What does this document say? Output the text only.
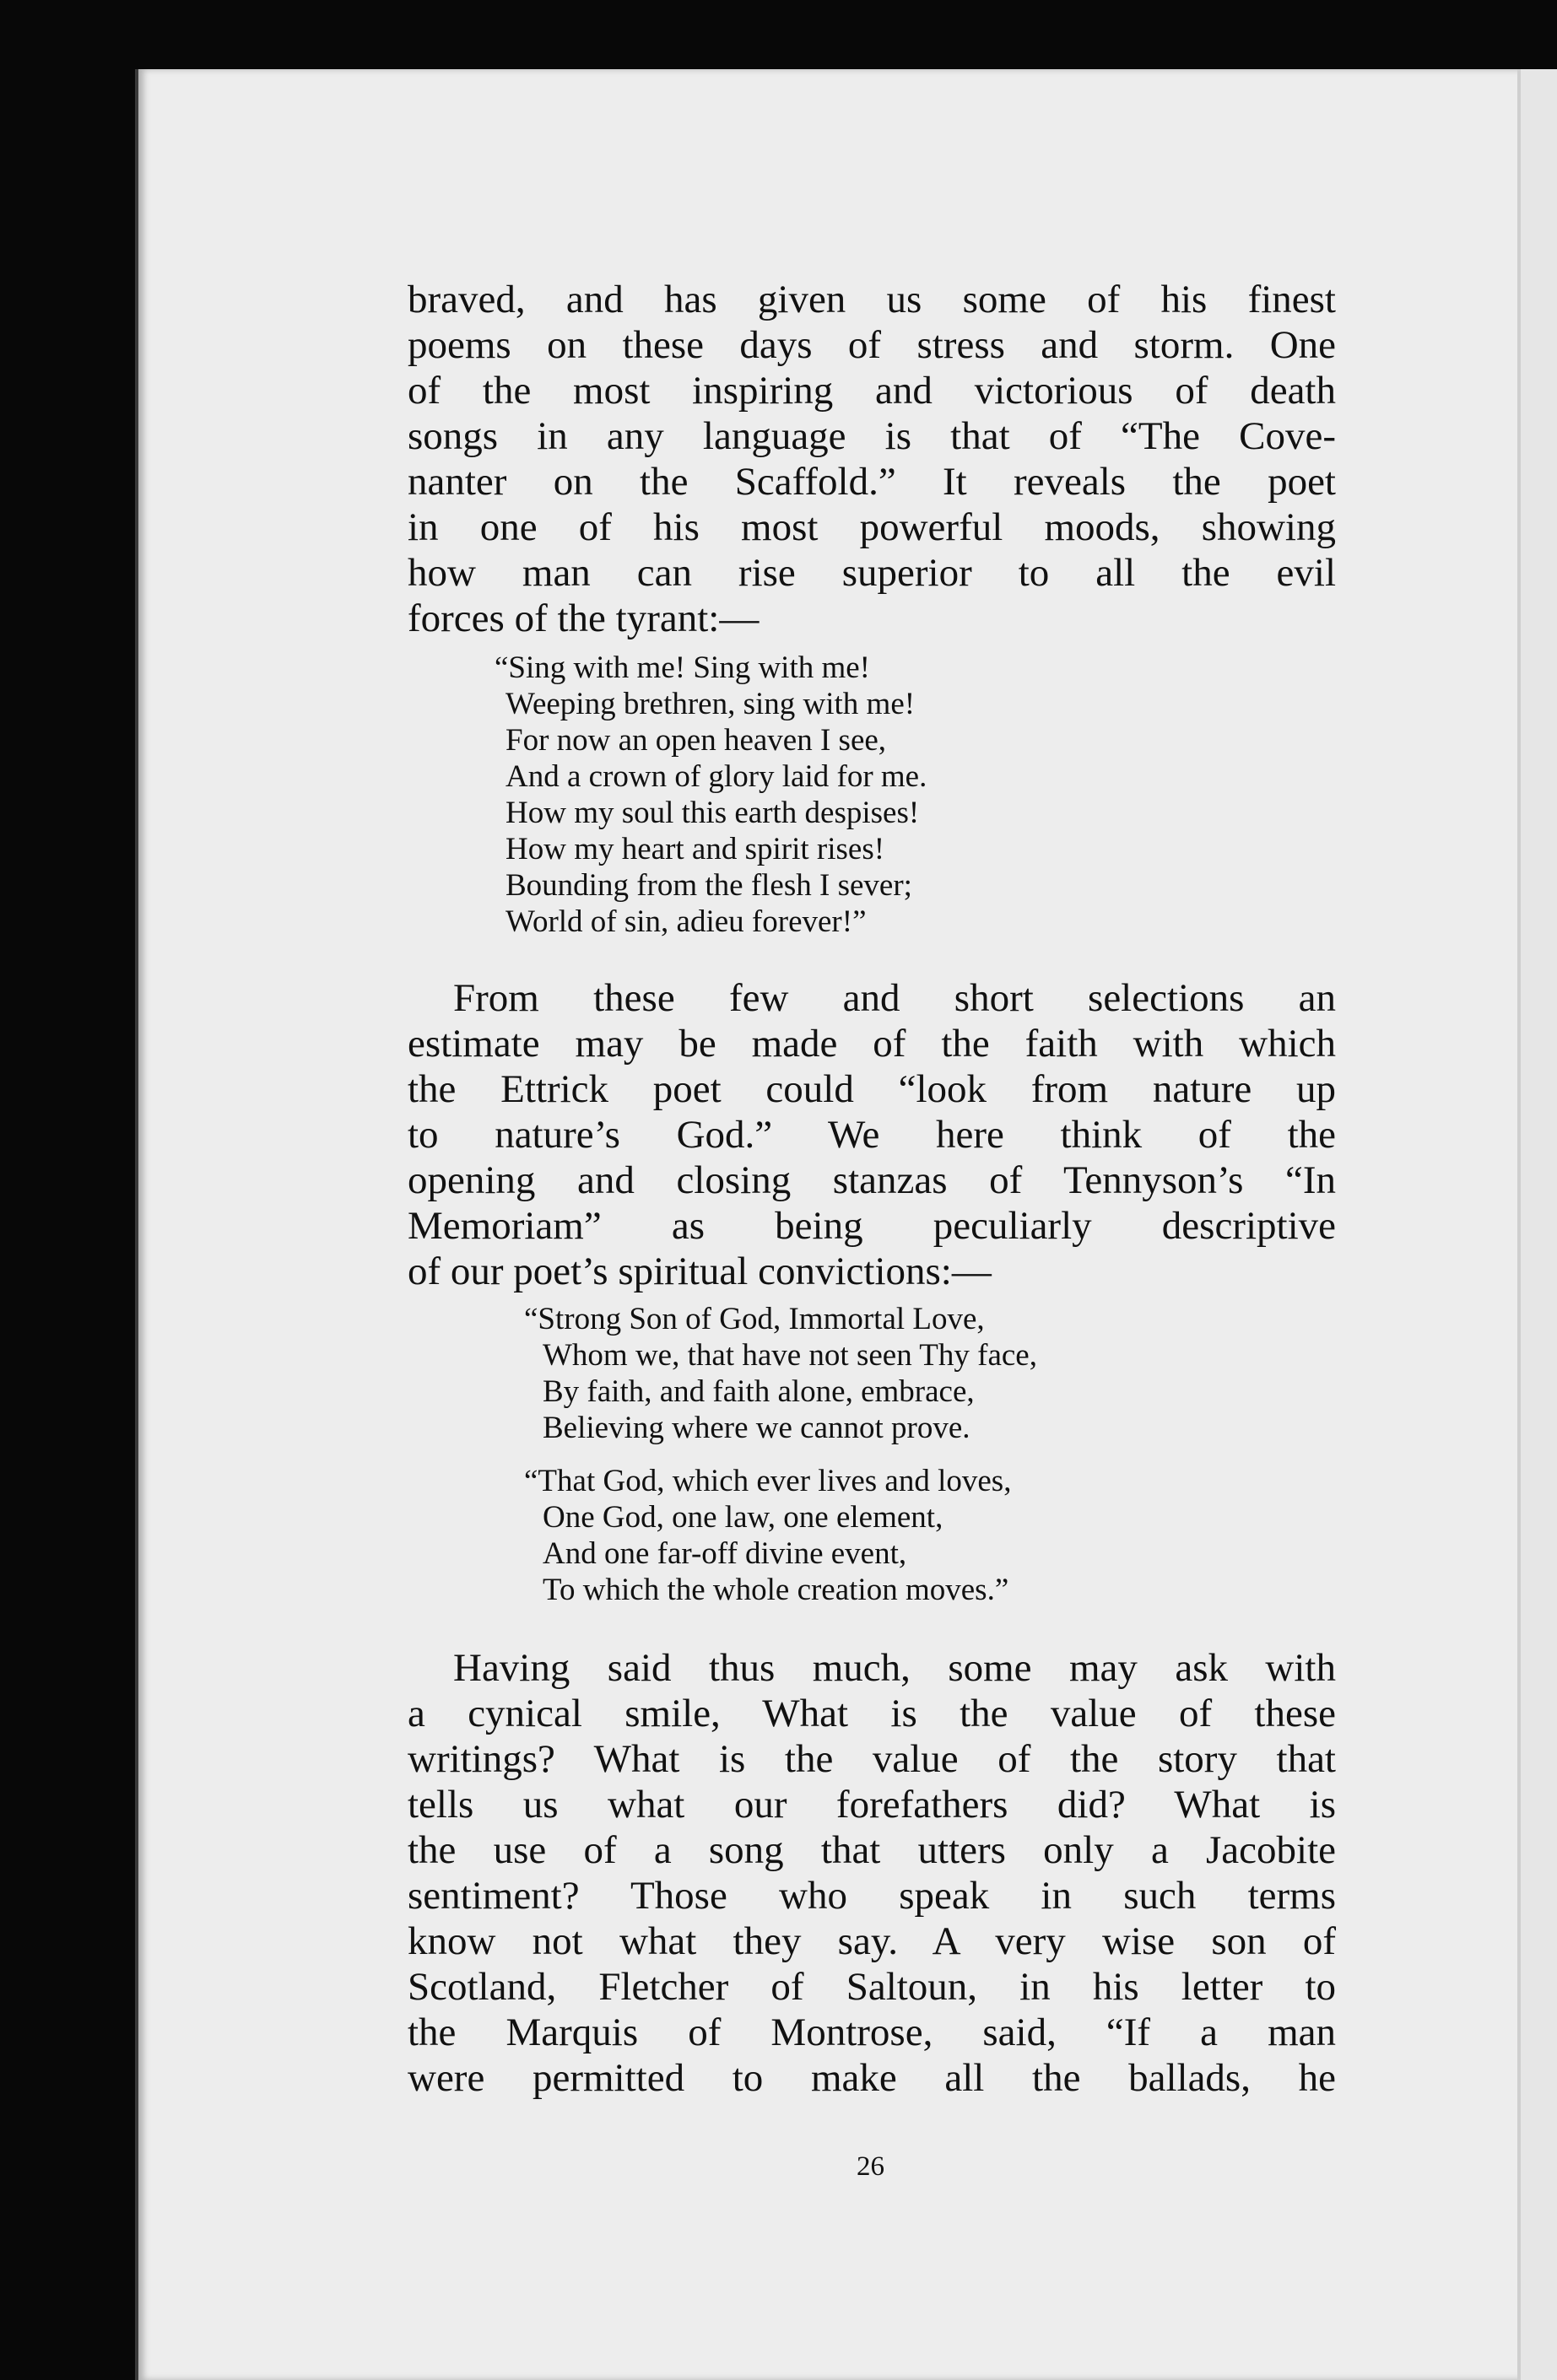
braved, and has given us some of his finest
poems on these days of stress and storm. One
of the most inspiring and victorious of death
songs in any language is that of “The Cove-
nanter on the Scaffold.” It reveals the poet
in one of his most powerful moods, showing
how man can rise superior to all the evil
forces of the tyrant:—

“Sing with me! Sing with me!
Weeping brethren, sing with me!
For now an open heaven I see,
And a crown of glory laid for me.
How my soul this earth despises!
How my heart and spirit rises!
Bounding from the flesh I sever;
World of sin, adieu forever!”

From these few and short selections an
estimate may be made of the faith with which
the Ettrick poet could “look from nature up
to nature’s God.” We here think of the
opening and closing stanzas of Tennyson’s “In
Memoriam” as being peculiarly descriptive
of our poet’s spiritual convictions:—

“Strong Son of God, Immortal Love,
Whom we, that have not seen Thy face,
By faith, and faith alone, embrace,
Believing where we cannot prove.
“That God, which ever lives and loves,
One God, one law, one element,
And one far-off divine event,
To which the whole creation moves.”

Having said thus much, some may ask with
a cynical smile, What is the value of these
writings? What is the value of the story that
tells us what our forefathers did? What is
the use of a song that utters only a Jacobite
sentiment? Those who speak in such terms
know not what they say. A very wise son of
Scotland, Fletcher of Saltoun, in his letter to
the Marquis of Montrose, said, “If a man
were permitted to make all the ballads, he

26
